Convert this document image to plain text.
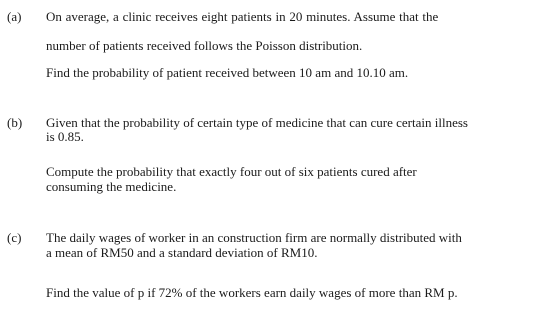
(a) On average, a clinic receives eight patients in 20 minutes. Assume that the
number of patients received follows the Poisson distribution.
Find the probability of patient received between 10 am and 10.10 am.
(b) Given that the probability of certain type of medicine that can cure certain illness
is 0.85.
Compute the probability that exactly four out of six patients cured after
consuming the medicine.
(c) The daily wages of worker in an construction firm are normally distributed with
a mean of RM50 and a standard deviation of RM10.
Find the value of p if 72% of the workers earn daily wages of more than RM p.
